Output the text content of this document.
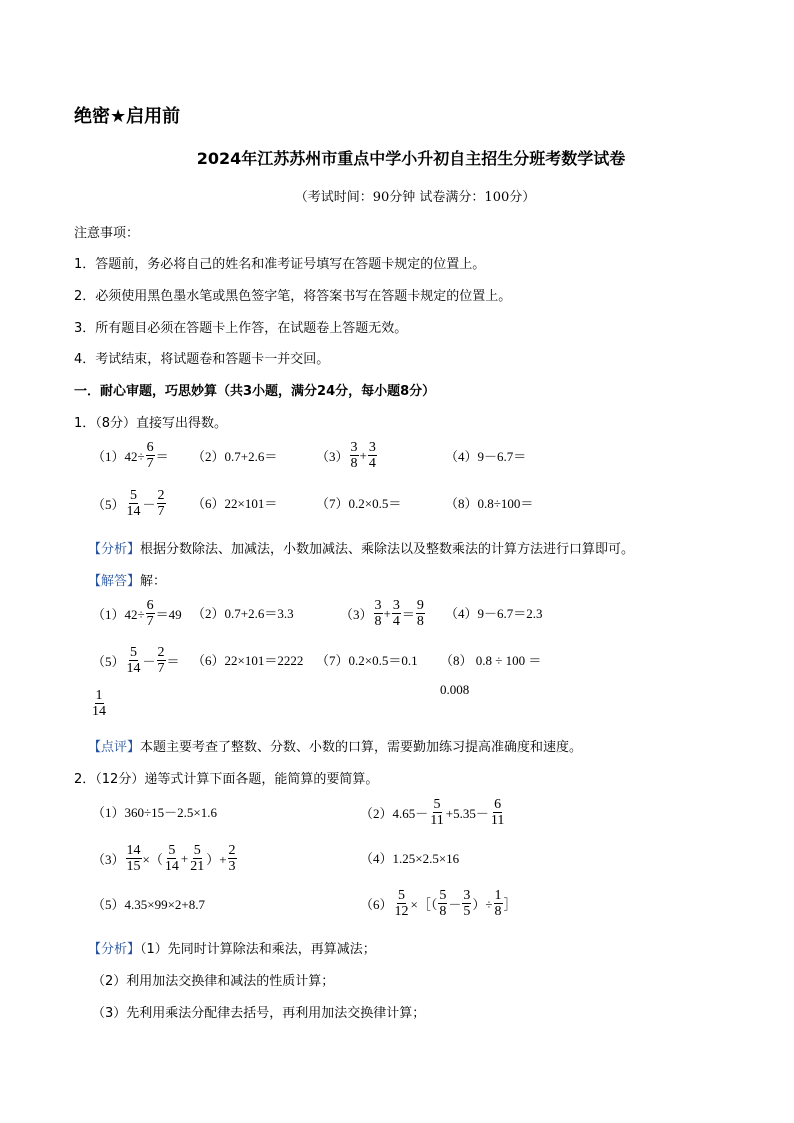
绝密★启用前
2024年江苏苏州市重点中学小升初自主招生分班考数学试卷
（考试时间：90分钟 试卷满分：100分）
注意事项：
1．答题前，务必将自己的姓名和准考证号填写在答题卡规定的位置上。
2．必须使用黑色墨水笔或黑色签字笔，将答案书写在答题卡规定的位置上。
3．所有题目必须在答题卡上作答，在试题卷上答题无效。
4．考试结束，将试题卷和答题卡一并交回。
一．耐心审题，巧思妙算（共3小题，满分24分，每小题8分）
1．（8分）直接写出得数。
$(1)42\div \frac{6}{7} = (2)0.7+2.6=$	$(3) \frac{3}{8} + \frac{3}{4}$	（4）9－6.7＝
$(5) \frac{5}{14} - \frac{2}{7} (6)22\times 101=$	（7）0.2×0.5＝	（8）0.8÷100＝
【分析】根据分数除法、加减法，小数加减法、乘除法以及整数乘法的计算方法进行口算即可。
【解答】解：
$(1)42\div \frac{6}{7} =49$ （2）0.7+2.6＝3.3	$(3) \frac{3}{8} + \frac{3}{4} = \frac{9}{8} (4)9-6.7=2.3$
$(5) \frac{5}{14} - \frac{2}{7} = (6)22\times 101=2222$ （7）0.2×0.5＝0.1 （8） 0.8 ÷ 100 ＝
0.008
$\frac{1}{14}$
【点评】本题主要考查了整数、分数、小数的口算，需要勤加练习提高准确度和速度。
2．（12分）递等式计算下面各题，能简算的要简算。
（1）360÷15－2.5×1.6	$(2)4.65- \frac{5}{11} +5.35- \frac{6}{11}$
$(3) \frac{14}{15}$ ×（ $\frac{5}{14} + \frac{5}{21}$ ）+ $\frac{2}{3}$	（4）1.25×2.5×16
（5）4.35×99×2+8.7	$(6) \frac{5}{12}$ ×［（ $\frac{5}{8} - \frac{3}{5}$ ）÷ $\frac{1}{8}$ ］
【分析】（1）先同时计算除法和乘法，再算减法；
（2）利用加法交换律和减法的性质计算；
（3）先利用乘法分配律去括号，再利用加法交换律计算；
